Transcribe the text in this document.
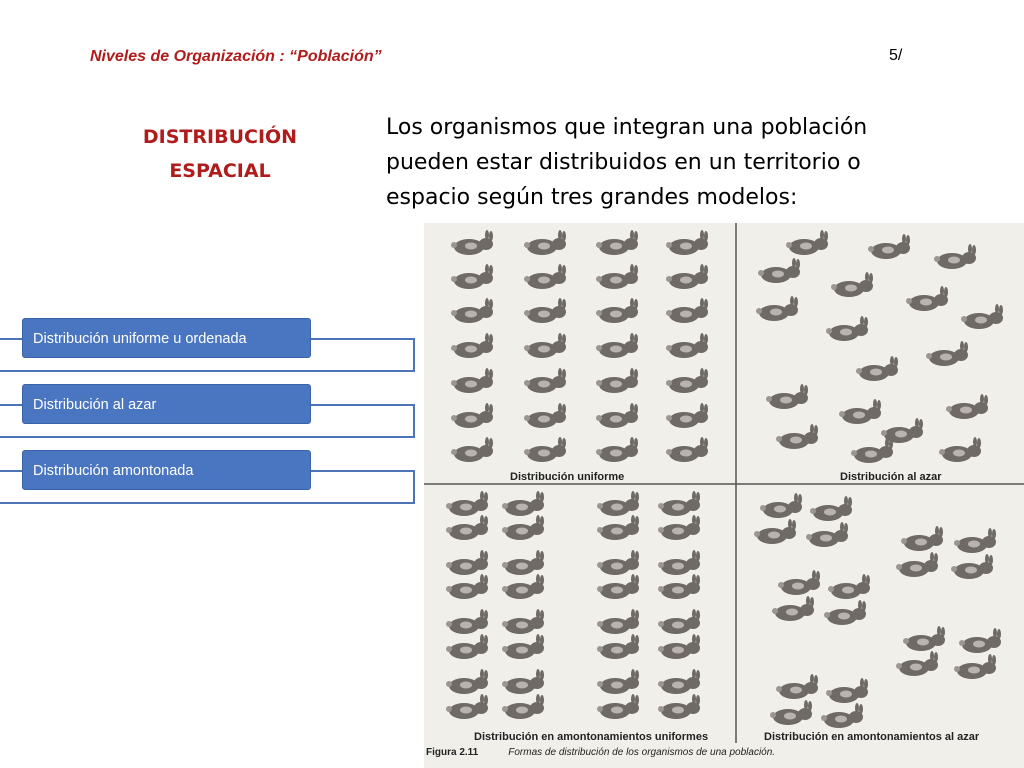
Niveles de Organización : “Población”	5/
DISTRIBUCIÓN
ESPACIAL
Los organismos que integran una población pueden estar distribuidos en un territorio o espacio según tres grandes modelos:
Distribución uniforme u ordenada
Distribución al azar
Distribución amontonada	Distribución uniforme	Distribución al azar
Distribución en amontonamientos uniformes	Distribución en amontonamientos al azar
Figura 2.11	Formas de distribución de los organismos de una población.
